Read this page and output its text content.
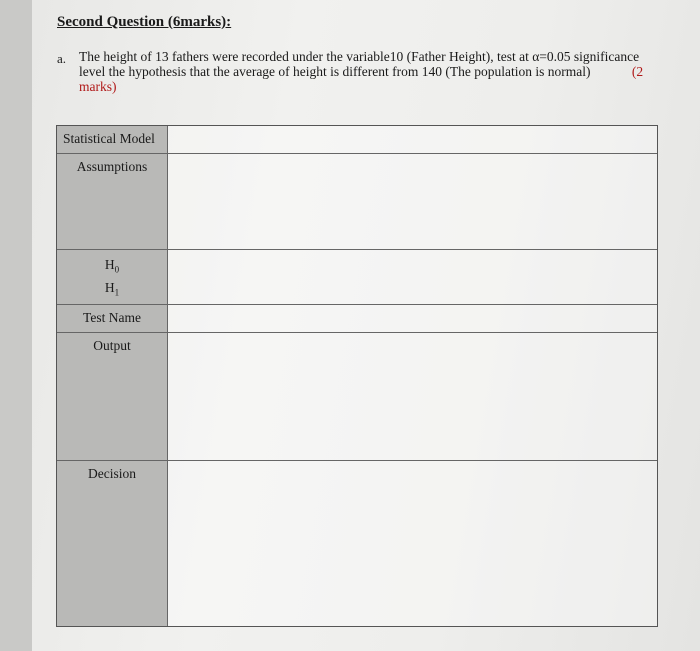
Second Question (6marks):
a. The height of 13 fathers were recorded under the variable10 (Father Height), test at α=0.05 significance level the hypothesis that the average of height is different from 140 (The population is normal)	(2 marks)
Statistical Model
Assumptions
$H_0$
$H_1$
Test Name
Output
Decision
